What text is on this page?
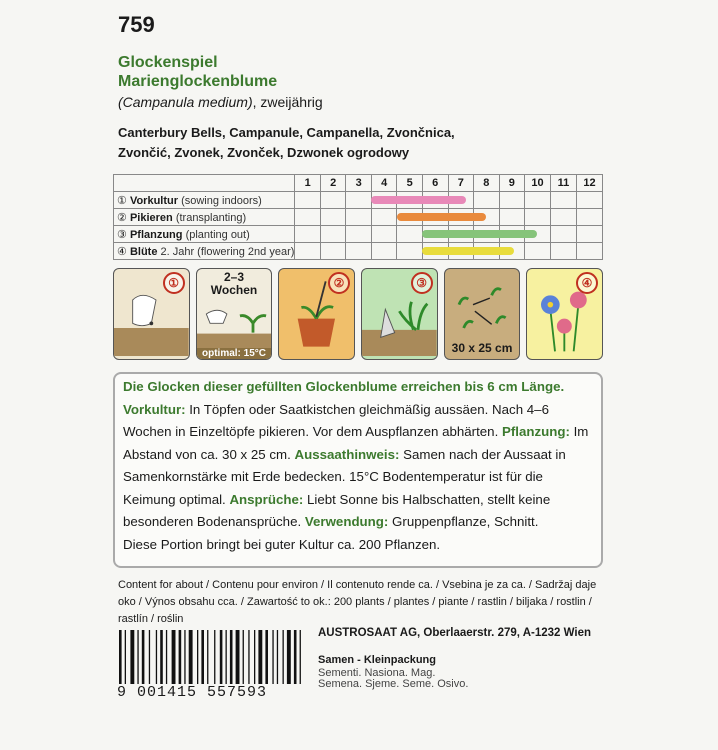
759
Glockenspiel
Marienglockenblume
(Campanula medium), zweijährig
Canterbury Bells, Campanule, Campanella, Zvončnica,
Zvončić, Zvonek, Zvonček, Dzwonek ogrodowy
	1	2	3	4	5	6	7	8	9	10	11	12
① Vorkultur (sowing indoors)												
② Pikieren (transplanting)												
③ Pflanzung (planting out)												
④ Blüte 2. Jahr (flowering 2nd year)												
①	2–3
Wochen
optimal: 15°C
②	③
30 x 25 cm
④

Die Glocken dieser gefüllten Glockenblume erreichen bis 6 cm Länge.

Vorkultur: In Töpfen oder Saatkistchen gleichmäßig aussäen. Nach 4–6 Wochen in Einzeltöpfe pikieren. Vor dem Auspflanzen abhärten. Pflanzung: Im Abstand von ca. 30 x 25 cm. Aussaathinweis: Samen nach der Aussaat in Samenkornstärke mit Erde bedecken. 15°C Bodentemperatur ist für die Keimung optimal. Ansprüche: Liebt Sonne bis Halbschatten, stellt keine besonderen Bodenansprüche. Verwendung: Gruppenpflanze, Schnitt.

Diese Portion bringt bei guter Kultur ca. 200 Pflanzen.

Content for about / Contenu pour environ / Il contenuto rende ca. / Vsebina je za ca. / Sadržaj daje oko / Výnos obsahu cca. / Zawartość to ok.: 200 plants / plantes / piante / rastlin / biljaka / rostlin / rastlín / roślin
9 001415 557593
AUSTROSAAT AG, Oberlaaerstr. 279, A-1232 Wien
Samen - Kleinpackung
Sementi. Nasiona. Mag.
Semena. Sjeme. Seme. Osivo.
